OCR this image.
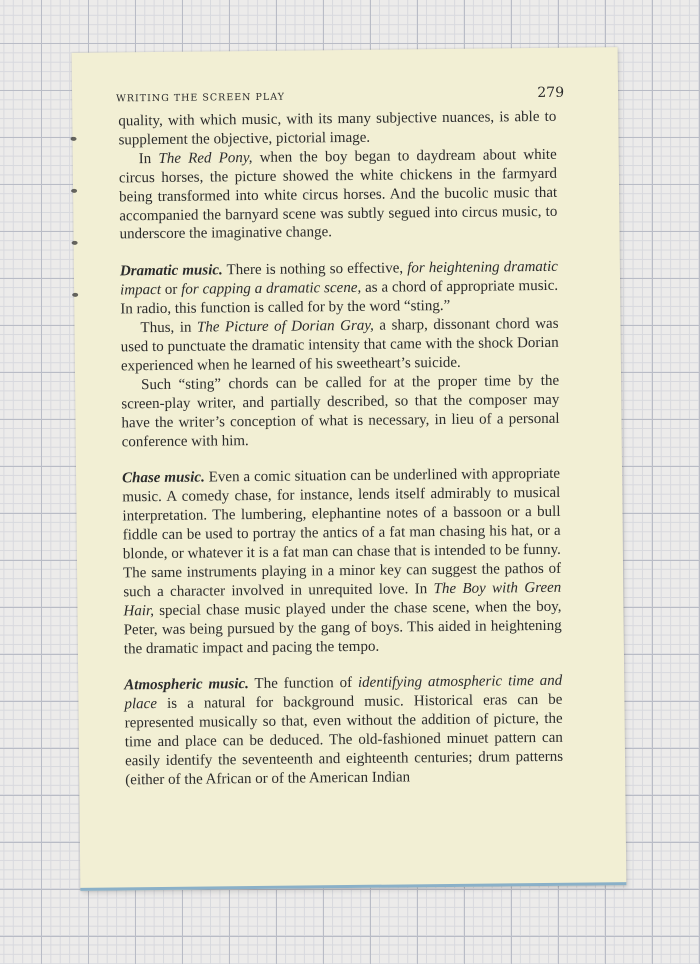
WRITING THE SCREEN PLAY	279

quality, with which music, with its many subjective nuances, is able to supplement the objective, pictorial image.

In The Red Pony, when the boy began to daydream about white circus horses, the picture showed the white chickens in the farmyard being transformed into white circus horses. And the bucolic music that accompanied the barnyard scene was subtly segued into circus music, to underscore the imaginative change.

Dramatic music. There is nothing so effective, for heightening dramatic impact or for capping a dramatic scene, as a chord of appropriate music. In radio, this function is called for by the word “sting.”

Thus, in The Picture of Dorian Gray, a sharp, dissonant chord was used to punctuate the dramatic intensity that came with the shock Dorian experienced when he learned of his sweetheart’s suicide.

Such “sting” chords can be called for at the proper time by the screen-play writer, and partially described, so that the composer may have the writer’s conception of what is necessary, in lieu of a personal conference with him.

Chase music. Even a comic situation can be underlined with appropriate music. A comedy chase, for instance, lends itself admirably to musical interpretation. The lumbering, elephantine notes of a bassoon or a bull fiddle can be used to portray the antics of a fat man chasing his hat, or a blonde, or whatever it is a fat man can chase that is intended to be funny. The same instruments playing in a minor key can suggest the pathos of such a character involved in unrequited love. In The Boy with Green Hair, special chase music played under the chase scene, when the boy, Peter, was being pursued by the gang of boys. This aided in heightening the dramatic impact and pacing the tempo.

Atmospheric music. The function of identifying atmospheric time and place is a natural for background music. Historical eras can be represented musically so that, even without the addition of picture, the time and place can be deduced. The old-fashioned minuet pattern can easily identify the seventeenth and eighteenth centuries; drum patterns (either of the African or of the American Indian
